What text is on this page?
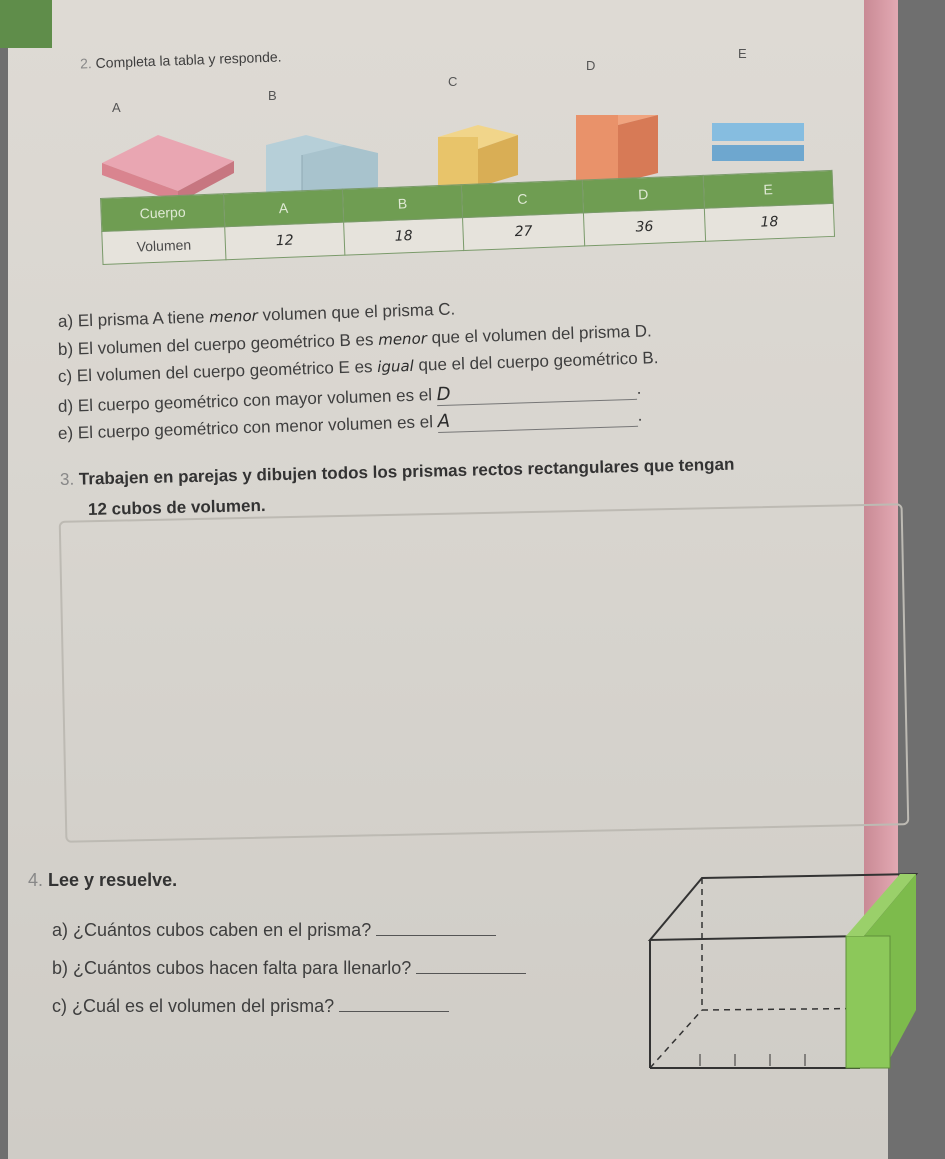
2. Completa la tabla y responde.
A
B
C
D
E
Cuerpo	A	B	C	D	E
Volumen	12	18	27	36	18
a) El prisma A tiene menor volumen que el prisma C.
b) El volumen del cuerpo geométrico B es menor que el volumen del prisma D.
c) El volumen del cuerpo geométrico E es igual que el del cuerpo geométrico B.
d) El cuerpo geométrico con mayor volumen es el D	.
e) El cuerpo geométrico con menor volumen es el A	.
3. Trabajen en parejas y dibujen todos los prismas rectos rectangulares que tengan
12 cubos de volumen.
4. Lee y resuelve.
a) ¿Cuántos cubos caben en el prisma?
b) ¿Cuántos cubos hacen falta para llenarlo?
c) ¿Cuál es el volumen del prisma?
